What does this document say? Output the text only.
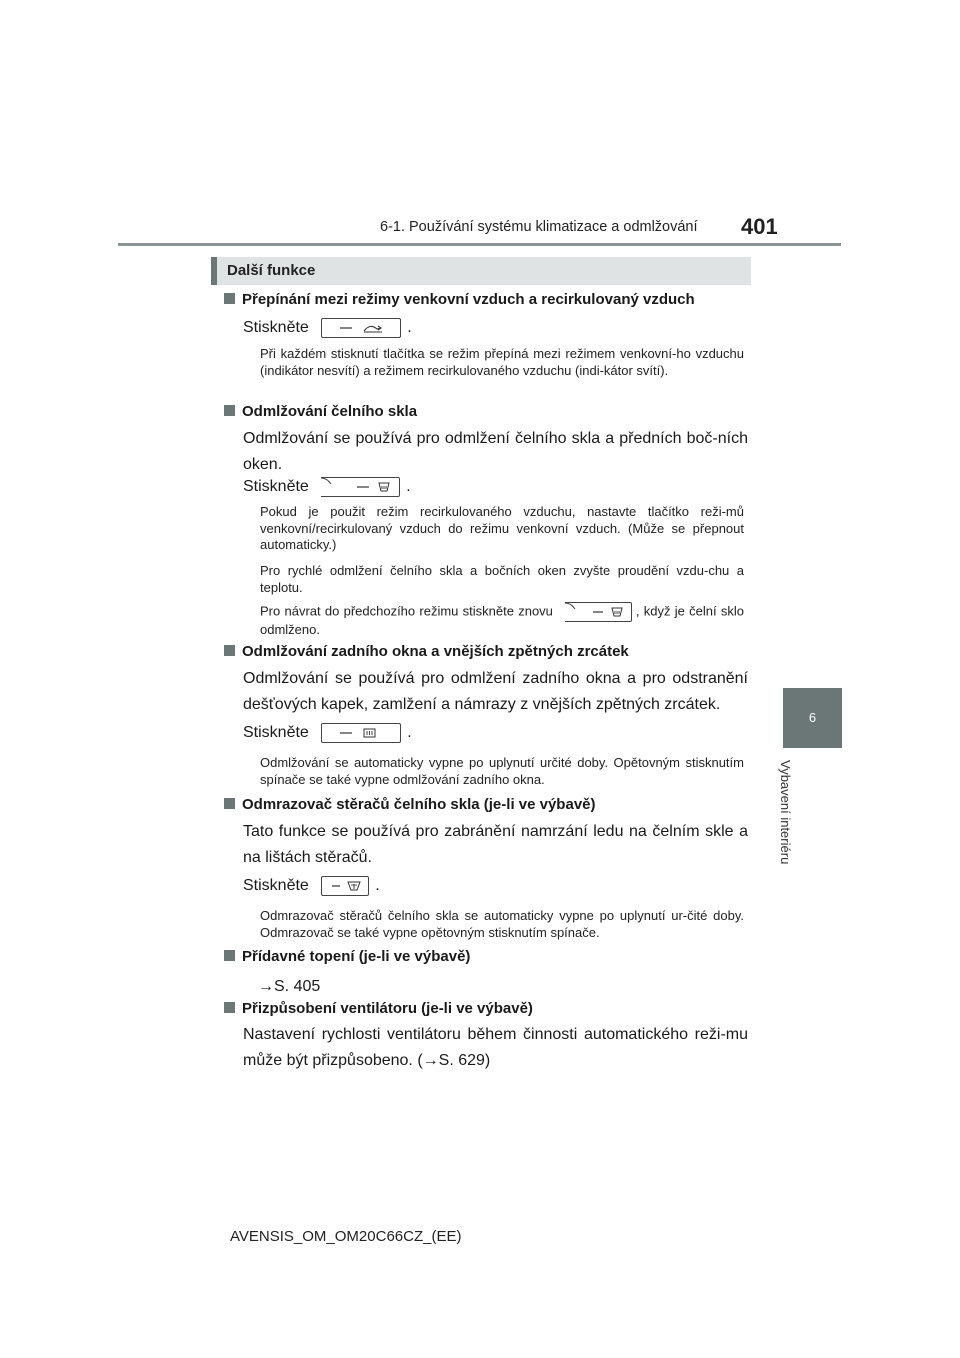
6-1. Používání systému klimatizace a odmlžování 401
6
Vybavení interiéru
Další funkce
Přepínání mezi režimy venkovní vzduch a recirkulovaný vzduch
Stiskněte	.
Při každém stisknutí tlačítka se režim přepíná mezi režimem venkovní-ho vzduchu (indikátor nesvítí) a režimem recirkulovaného vzduchu (indi-kátor svítí).
Odmlžování čelního skla
Odmlžování se používá pro odmlžení čelního skla a předních boč-ních oken.
Stiskněte	.
Pokud je použit režim recirkulovaného vzduchu, nastavte tlačítko reži-mů venkovní/recirkulovaný vzduch do režimu venkovní vzduch. (Může se přepnout automaticky.)
Pro rychlé odmlžení čelního skla a bočních oken zvyšte proudění vzdu-chu a teplotu.
Pro návrat do předchozího režimu stiskněte znovu	, když je čelní sklo odmlženo.
Odmlžování zadního okna a vnějších zpětných zrcátek
Odmlžování se používá pro odmlžení zadního okna a pro odstranění dešťových kapek, zamlžení a námrazy z vnějších zpětných zrcátek.
Stiskněte	.
Odmlžování se automaticky vypne po uplynutí určité doby. Opětovným stisknutím spínače se také vypne odmlžování zadního okna.
Odmrazovač stěračů čelního skla (je-li ve výbavě)
Tato funkce se používá pro zabránění namrzání ledu na čelním skle a na lištách stěračů.
Stiskněte	.
Odmrazovač stěračů čelního skla se automaticky vypne po uplynutí ur-čité doby. Odmrazovač se také vypne opětovným stisknutím spínače.
Přídavné topení (je-li ve výbavě)
→S. 405
Přizpůsobení ventilátoru (je-li ve výbavě)
Nastavení rychlosti ventilátoru během činnosti automatického reži-mu může být přizpůsobeno. (→S. 629)
AVENSIS_OM_OM20C66CZ_(EE)
